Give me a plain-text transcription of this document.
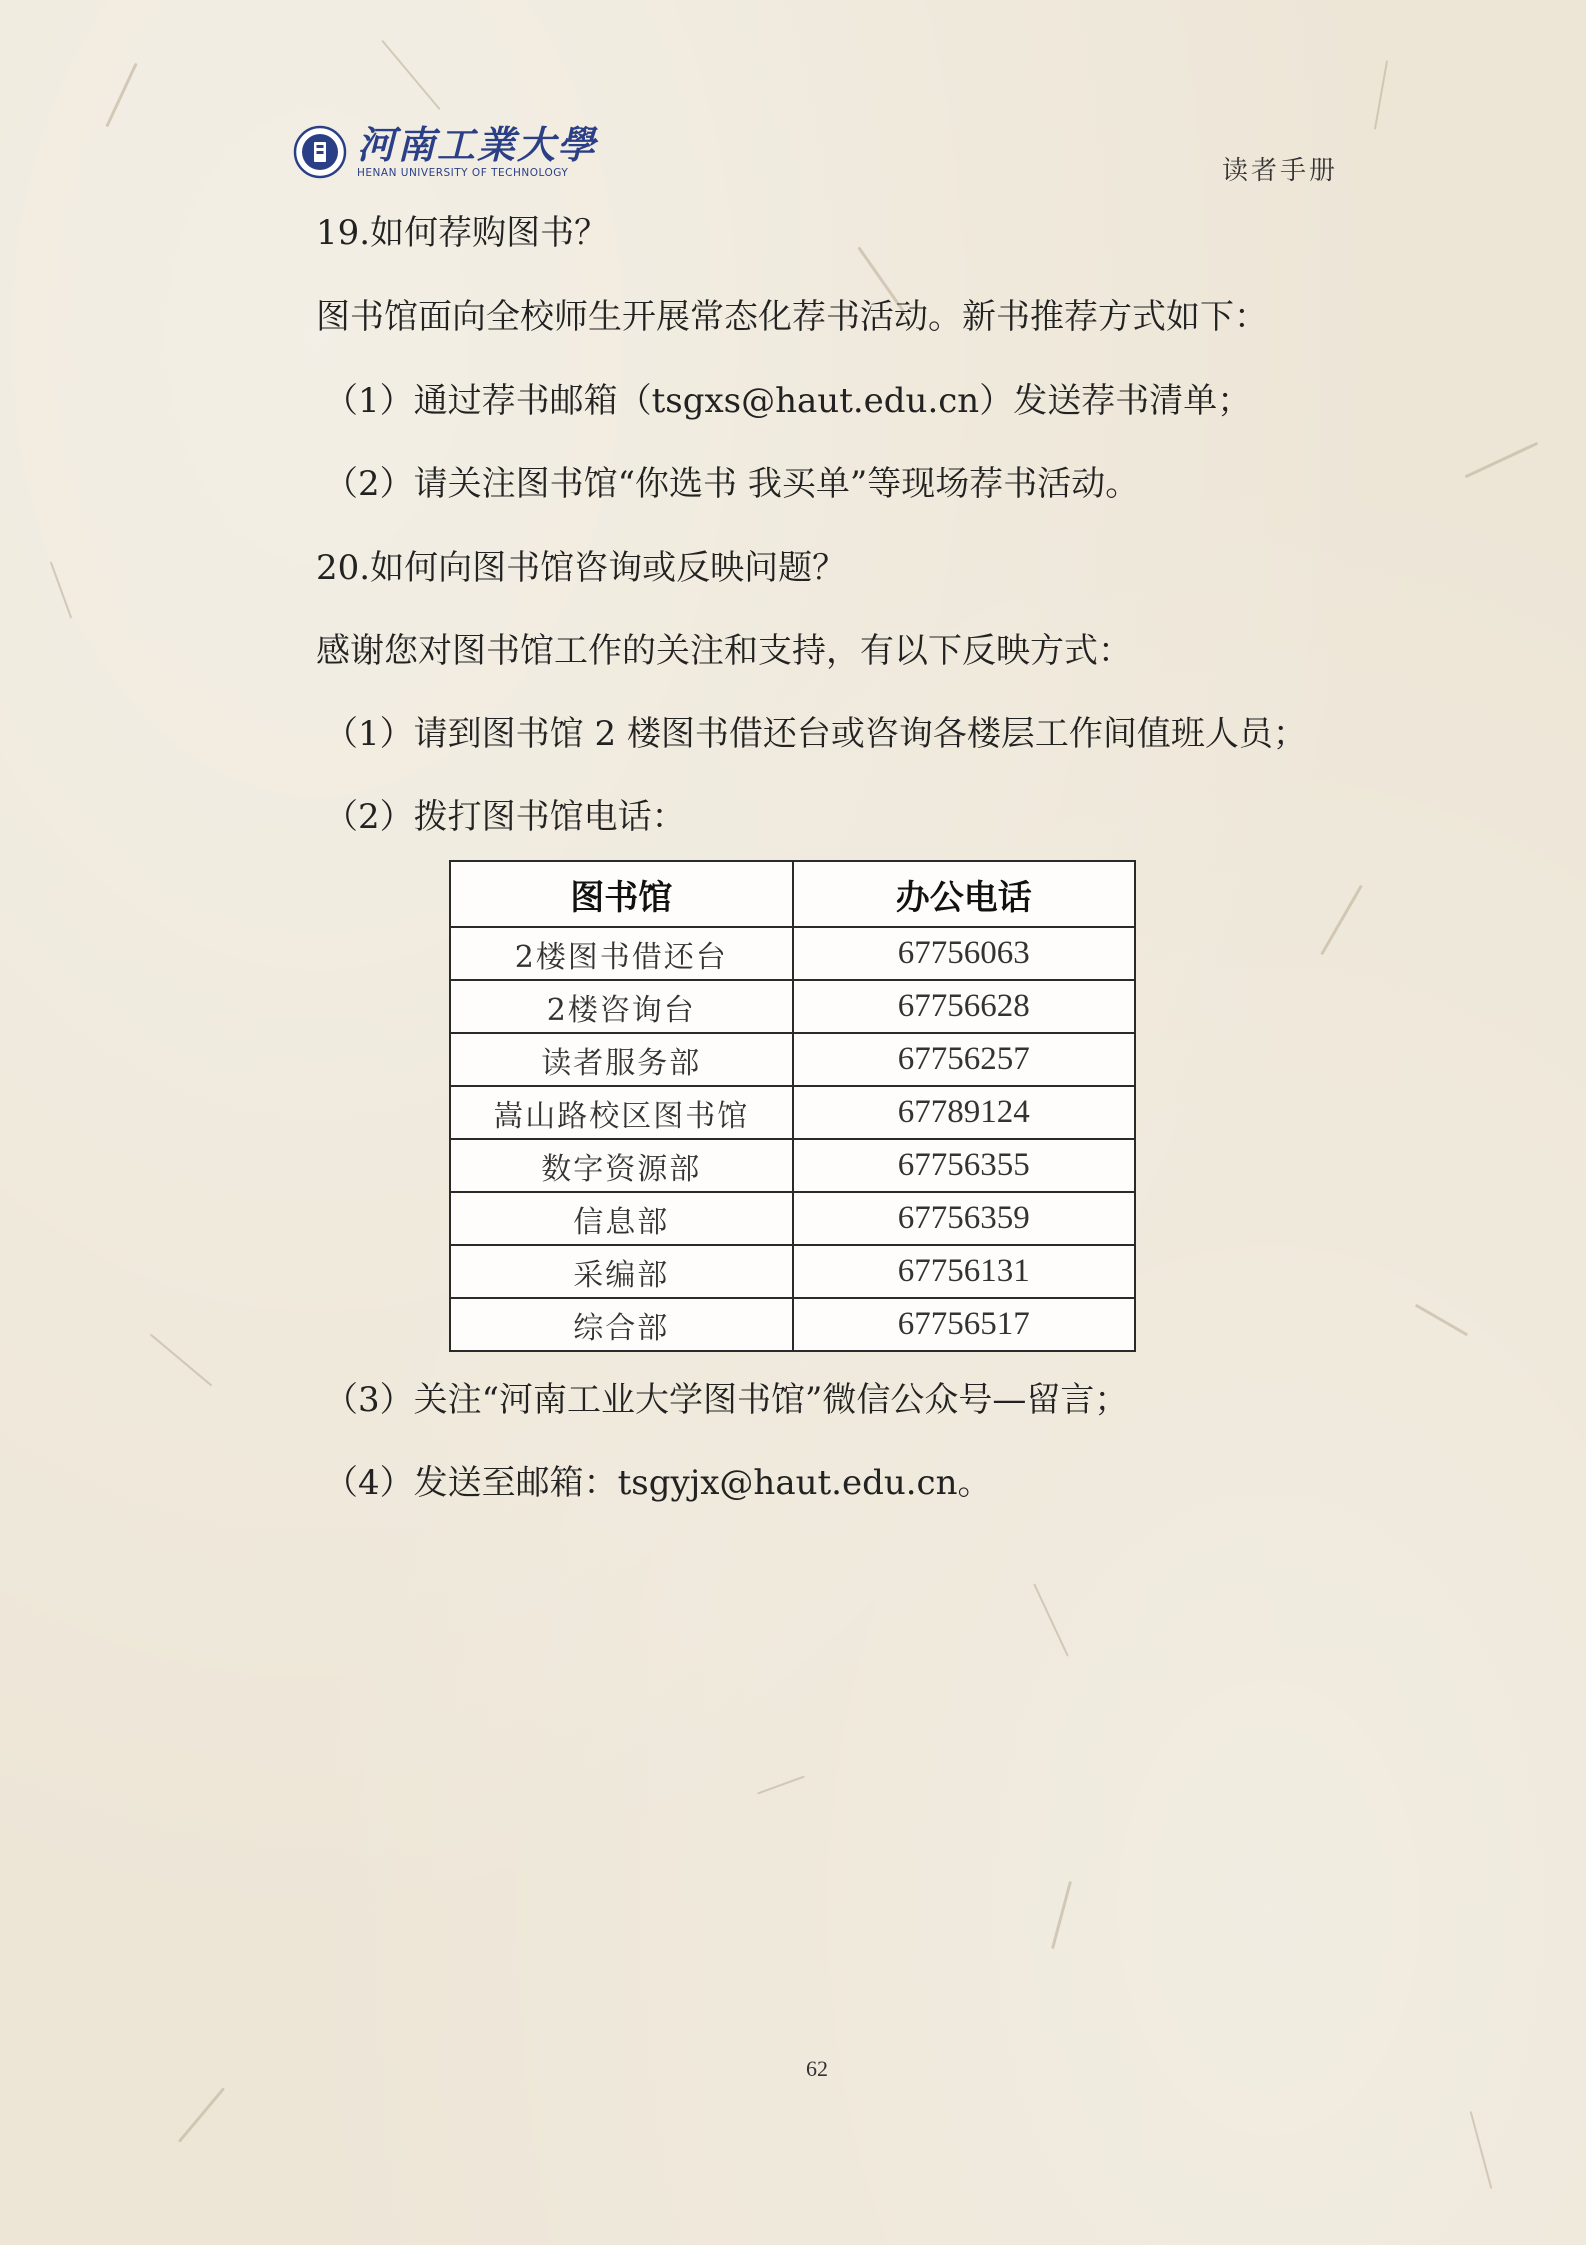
河南工業大學
HENAN UNIVERSITY OF TECHNOLOGY	读者手册
19.如何荐购图书？
图书馆面向全校师生开展常态化荐书活动。新书推荐方式如下：
（1）通过荐书邮箱（tsgxs@haut.edu.cn）发送荐书清单；
（2）请关注图书馆“你选书 我买单”等现场荐书活动。
20.如何向图书馆咨询或反映问题？
感谢您对图书馆工作的关注和支持，有以下反映方式：
（1）请到图书馆 2 楼图书借还台或咨询各楼层工作间值班人员；
（2）拨打图书馆电话：
图书馆	办公电话
2楼图书借还台	67756063
2楼咨询台	67756628
读者服务部	67756257
嵩山路校区图书馆	67789124
数字资源部	67756355
信息部	67756359
采编部	67756131
综合部	67756517
（3）关注“河南工业大学图书馆”微信公众号—留言；
（4）发送至邮箱：tsgyjx@haut.edu.cn。
62
